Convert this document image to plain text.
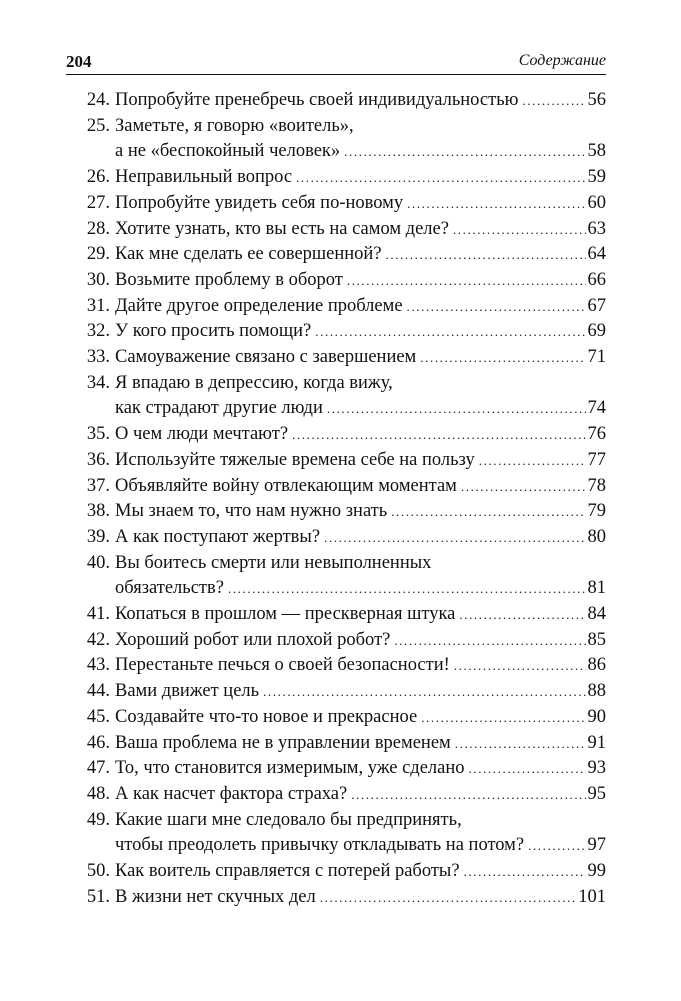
204	Содержание
24. Попробуйте пренебречь своей индивидуальностью .....	56
25. Заметьте, я говорю «воитель»,
а не «беспокойный человек» .....	58
26. Неправильный вопрос .....	59
27. Попробуйте увидеть себя по-новому .....	60
28. Хотите узнать, кто вы есть на самом деле? .....	63
29. Как мне сделать ее совершенной? .....	64
30. Возьмите проблему в оборот .....	66
31. Дайте другое определение проблеме .....	67
32. У кого просить помощи? .....	69
33. Самоуважение связано с завершением .....	71
34. Я впадаю в депрессию, когда вижу,
как страдают другие люди .....	74
35. О чем люди мечтают? .....	76
36. Используйте тяжелые времена себе на пользу .....	77
37. Объявляйте войну отвлекающим моментам .....	78
38. Мы знаем то, что нам нужно знать .....	79
39. А как поступают жертвы? .....	80
40. Вы боитесь смерти или невыполненных
обязательств? .....	81
41. Копаться в прошлом — прескверная штука .....	84
42. Хороший робот или плохой робот? .....	85
43. Перестаньте печься о своей безопасности! .....	86
44. Вами движет цель .....	88
45. Создавайте что-то новое и прекрасное .....	90
46. Ваша проблема не в управлении временем .....	91
47. То, что становится измеримым, уже сделано .....	93
48. А как насчет фактора страха? .....	95
49. Какие шаги мне следовало бы предпринять,
чтобы преодолеть привычку откладывать на потом? .....	97
50. Как воитель справляется с потерей работы? .....	99
51. В жизни нет скучных дел .....	101
